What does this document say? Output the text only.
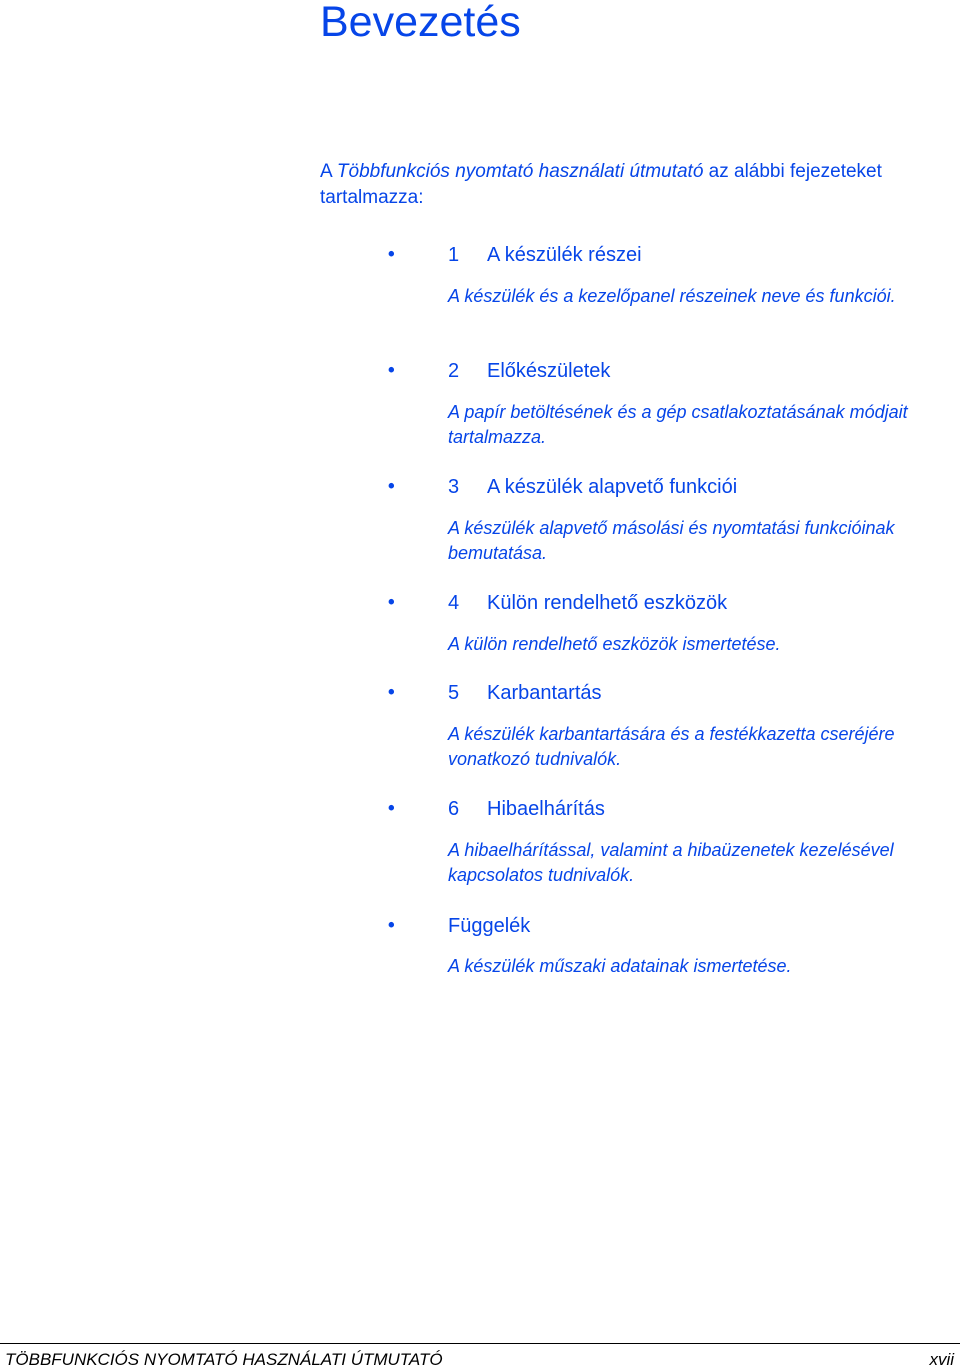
Bevezetés
A Többfunkciós nyomtató használati útmutató az alábbi fejezeteket tartalmazza:
•	1 A készülék részei
A készülék és a kezelőpanel részeinek neve és funkciói.
•	2 Előkészületek
A papír betöltésének és a gép csatlakoztatásának módjait tartalmazza.
•	3 A készülék alapvető funkciói
A készülék alapvető másolási és nyomtatási funkcióinak bemutatása.
•	4 Külön rendelhető eszközök
A külön rendelhető eszközök ismertetése.
•	5 Karbantartás
A készülék karbantartására és a festékkazetta cseréjére vonatkozó tudnivalók.
•	6 Hibaelhárítás
A hibaelhárítással, valamint a hibaüzenetek kezelésével kapcsolatos tudnivalók.
•	Függelék
A készülék műszaki adatainak ismertetése.
TÖBBFUNKCIÓS NYOMTATÓ HASZNÁLATI ÚTMUTATÓ	xvii
